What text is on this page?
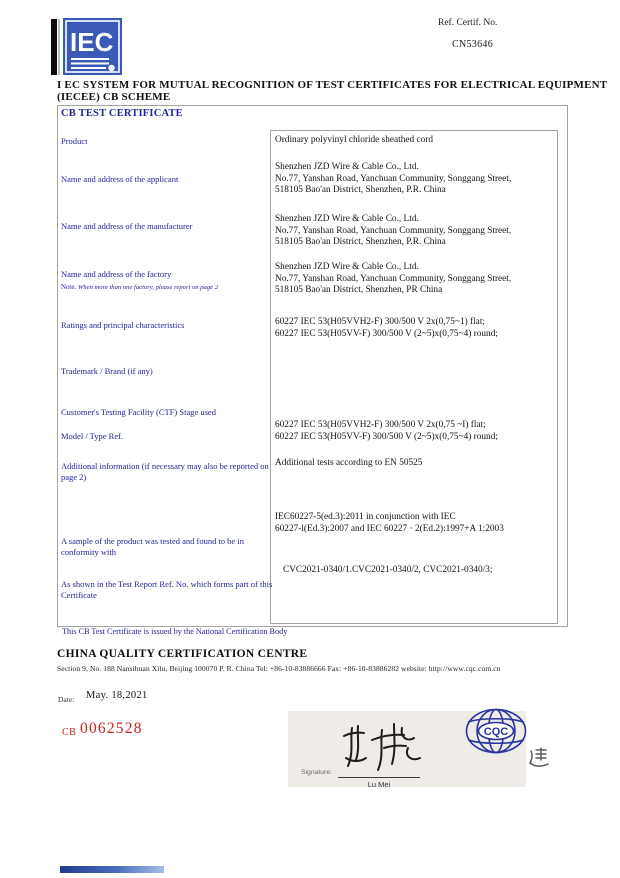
IEC
Ref. Certif. No.
CN53646
I EC SYSTEM FOR MUTUAL RECOGNITION OF TEST CERTIFICATES FOR ELECTRICAL EQUIPMENT
(IECEE) CB SCHEME
CB TEST CERTIFICATE
Product
Name and address of the applicant
Name and address of the manufacturer
Name and address of the factory
Note. When more than one factory, please report on page 2
Ratings and principal characteristics
Trademark / Brand (if any)
Customer's Testing Facility (CTF) Stage used
Model / Type Ref.
Additional information (if necessary may also be reported on page 2)
A sample of the product was tested and found to be in conformity with
As shown in the Test Report Ref. No. which forms part of this Certificate
Ordinary polyvinyl chloride sheathed cord
Shenzhen JZD Wire & Cable Co., Ltd.
No.77, Yanshan Road, Yanchuan Community, Songgang Street,
518105 Bao'an District, Shenzhen, P.R. China
Shenzhen JZD Wire & Cable Co., Ltd.
No.77, Yanshan Road, Yanchuan Community, Songgang Street,
518105 Bao'an District, Shenzhen, P.R. China
Shenzhen JZD Wire & Cable Co., Ltd.
No.77, Yanshan Road, Yanchuan Community, Songgang Street,
518105 Bao'an District, Shenzhen, PR China
60227 IEC 53(H05VVH2-F) 300/500 V 2x(0,75~1) flat;
60227 IEC 53(H05VV-F) 300/500 V (2~5)x(0,75~4) round;
60227 IEC 53(H05VVH2-F) 300/500 V 2x(0,75 ~I) flat;
60227 IEC 53(H05VV-F) 300/500 V (2~5)x(0,75~4) round;
Additional tests according to EN 50525
IEC60227-5(ed.3):2011 in conjunction with IEC
60227-l(Ed.3):2007 and IEC 60227 · 2(Ed.2):1997+A 1:2003
CVC2021-0340/1.CVC2021-0340/2, CVC2021-0340/3;
This CB Test Certificate is issued by the National Certification Body
CHINA QUALITY CERTIFICATION CENTRE
Section 9, No. 188 Nansihuan Xilu, Beijing 100070 P. R. China Tel: +86-10-83886666 Fax: +86-10-83886282 website: http://www.cqc.com.cn
Date: May. 18,2021
CB 0062528
Signature:
Lu Mei
CQC
